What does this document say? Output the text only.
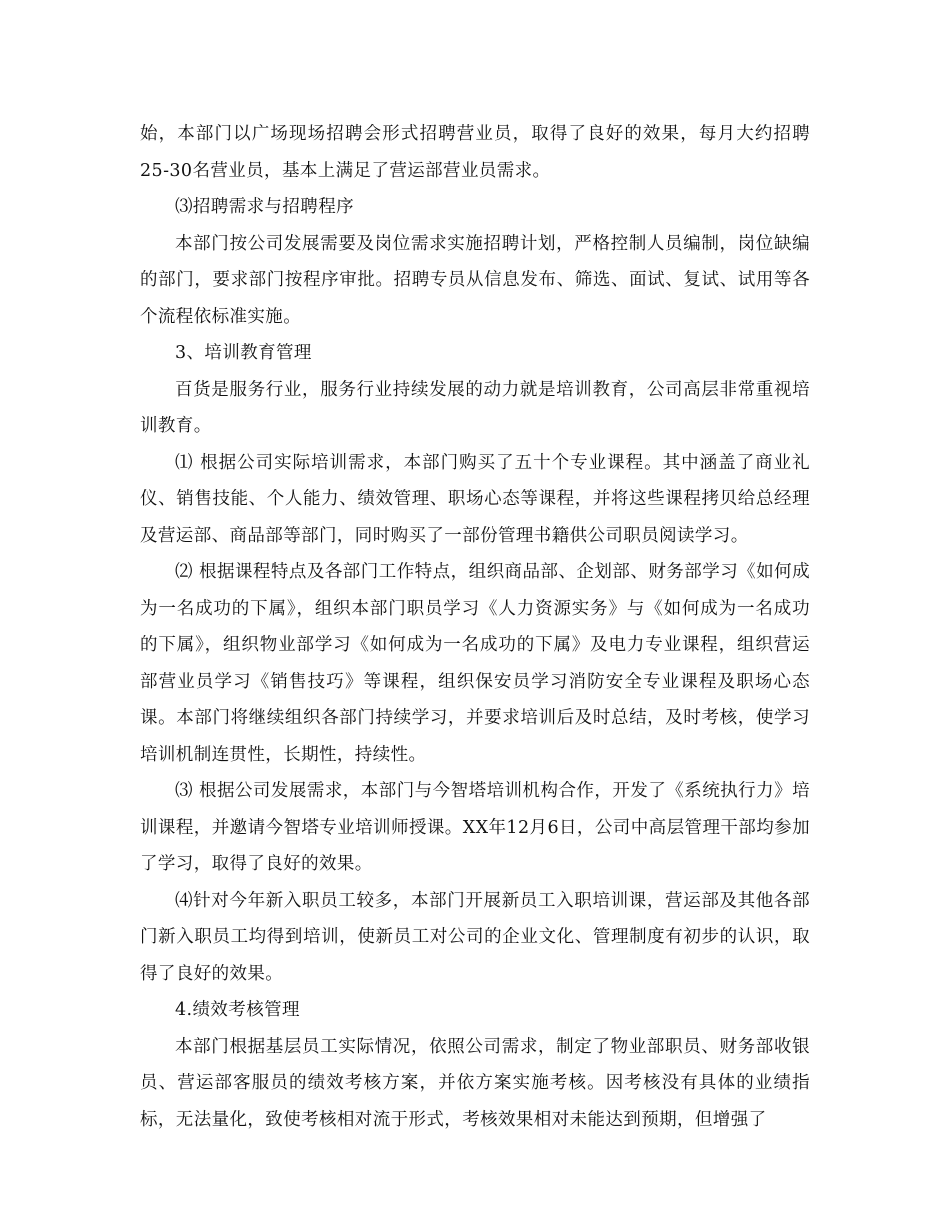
始，本部门以广场现场招聘会形式招聘营业员，取得了良好的效果，每月大约招聘25-30名营业员，基本上满足了营运部营业员需求。

⑶招聘需求与招聘程序

本部门按公司发展需要及岗位需求实施招聘计划，严格控制人员编制，岗位缺编的部门，要求部门按程序审批。招聘专员从信息发布、筛选、面试、复试、试用等各个流程依标准实施。

3、培训教育管理

百货是服务行业，服务行业持续发展的动力就是培训教育，公司高层非常重视培训教育。

⑴ 根据公司实际培训需求，本部门购买了五十个专业课程。其中涵盖了商业礼仪、销售技能、个人能力、绩效管理、职场心态等课程，并将这些课程拷贝给总经理及营运部、商品部等部门，同时购买了一部份管理书籍供公司职员阅读学习。

⑵ 根据课程特点及各部门工作特点，组织商品部、企划部、财务部学习《如何成为一名成功的下属》，组织本部门职员学习《人力资源实务》与《如何成为一名成功的下属》，组织物业部学习《如何成为一名成功的下属》及电力专业课程，组织营运部营业员学习《销售技巧》等课程，组织保安员学习消防安全专业课程及职场心态课。本部门将继续组织各部门持续学习，并要求培训后及时总结，及时考核，使学习培训机制连贯性，长期性，持续性。

⑶ 根据公司发展需求，本部门与今智塔培训机构合作，开发了《系统执行力》培训课程，并邀请今智塔专业培训师授课。XX年12月6日，公司中高层管理干部均参加了学习，取得了良好的效果。

⑷针对今年新入职员工较多，本部门开展新员工入职培训课，营运部及其他各部门新入职员工均得到培训，使新员工对公司的企业文化、管理制度有初步的认识，取得了良好的效果。

4.绩效考核管理

本部门根据基层员工实际情况，依照公司需求，制定了物业部职员、财务部收银员、营运部客服员的绩效考核方案，并依方案实施考核。因考核没有具体的业绩指标，无法量化，致使考核相对流于形式，考核效果相对未能达到预期，但增强了
